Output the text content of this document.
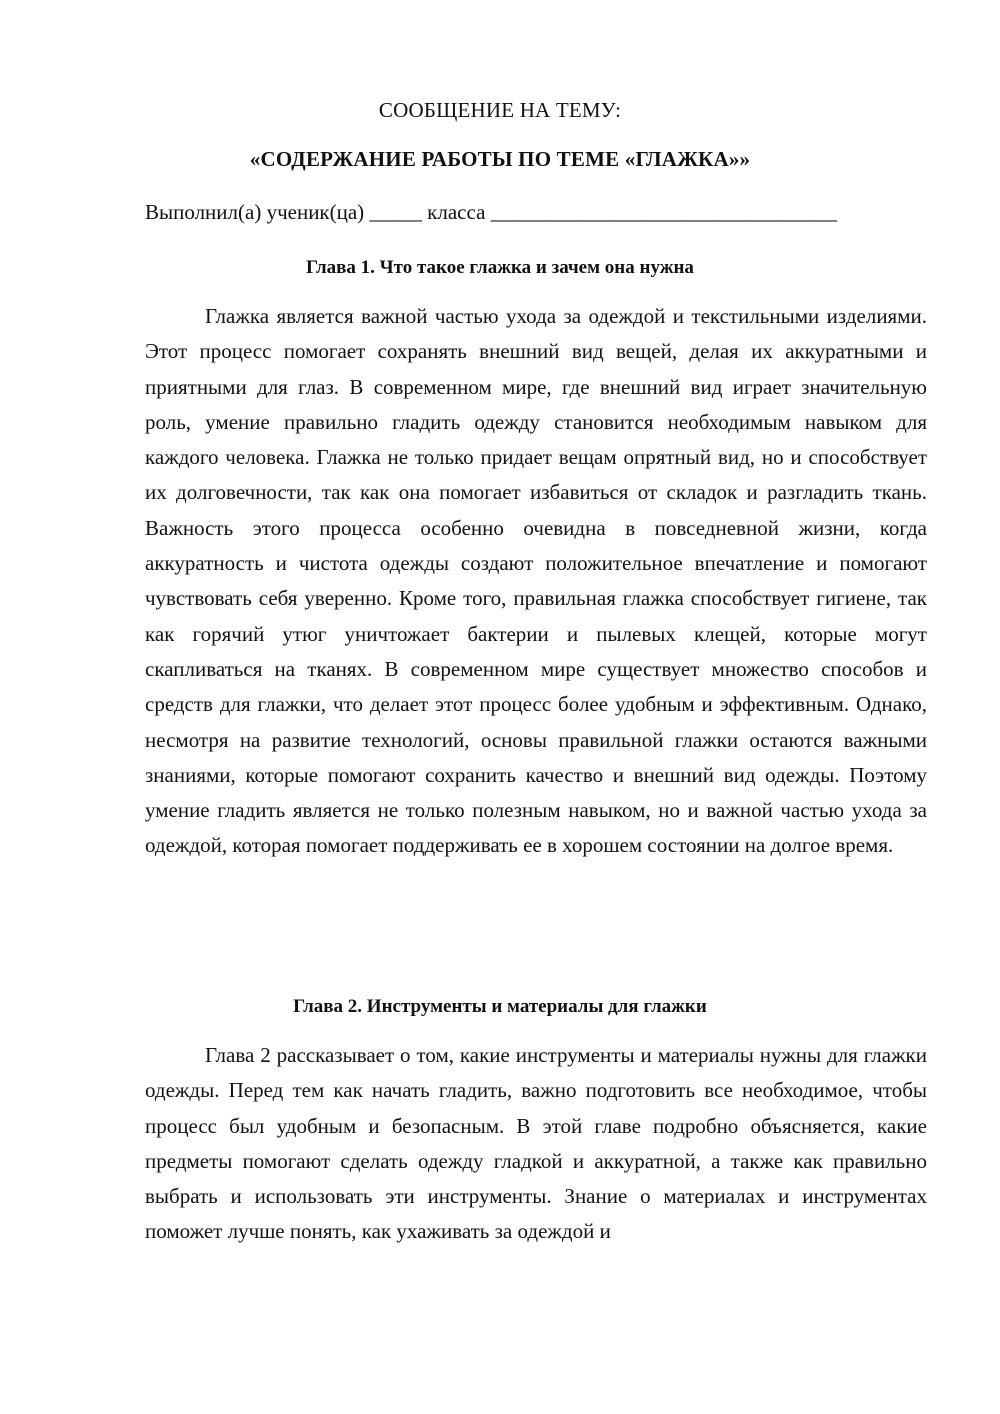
СООБЩЕНИЕ НА ТЕМУ:

«СОДЕРЖАНИЕ РАБОТЫ ПО ТЕМЕ «ГЛАЖКА»»

Выполнил(а) ученик(ца) _____ класса _________________________________

Глава 1. Что такое глажка и зачем она нужна

Глажка является важной частью ухода за одеждой и текстильными изделиями. Этот процесс помогает сохранять внешний вид вещей, делая их аккуратными и приятными для глаз. В современном мире, где внешний вид играет значительную роль, умение правильно гладить одежду становится необходимым навыком для каждого человека. Глажка не только придает вещам опрятный вид, но и способствует их долговечности, так как она помогает избавиться от складок и разгладить ткань. Важность этого процесса особенно очевидна в повседневной жизни, когда аккуратность и чистота одежды создают положительное впечатление и помогают чувствовать себя уверенно. Кроме того, правильная глажка способствует гигиене, так как горячий утюг уничтожает бактерии и пылевых клещей, которые могут скапливаться на тканях. В современном мире существует множество способов и средств для глажки, что делает этот процесс более удобным и эффективным. Однако, несмотря на развитие технологий, основы правильной глажки остаются важными знаниями, которые помогают сохранить качество и внешний вид одежды. Поэтому умение гладить является не только полезным навыком, но и важной частью ухода за одеждой, которая помогает поддерживать ее в хорошем состоянии на долгое время.

Глава 2. Инструменты и материалы для глажки

Глава 2 рассказывает о том, какие инструменты и материалы нужны для глажки одежды. Перед тем как начать гладить, важно подготовить все необходимое, чтобы процесс был удобным и безопасным. В этой главе подробно объясняется, какие предметы помогают сделать одежду гладкой и аккуратной, а также как правильно выбрать и использовать эти инструменты. Знание о материалах и инструментах поможет лучше понять, как ухаживать за одеждой и
